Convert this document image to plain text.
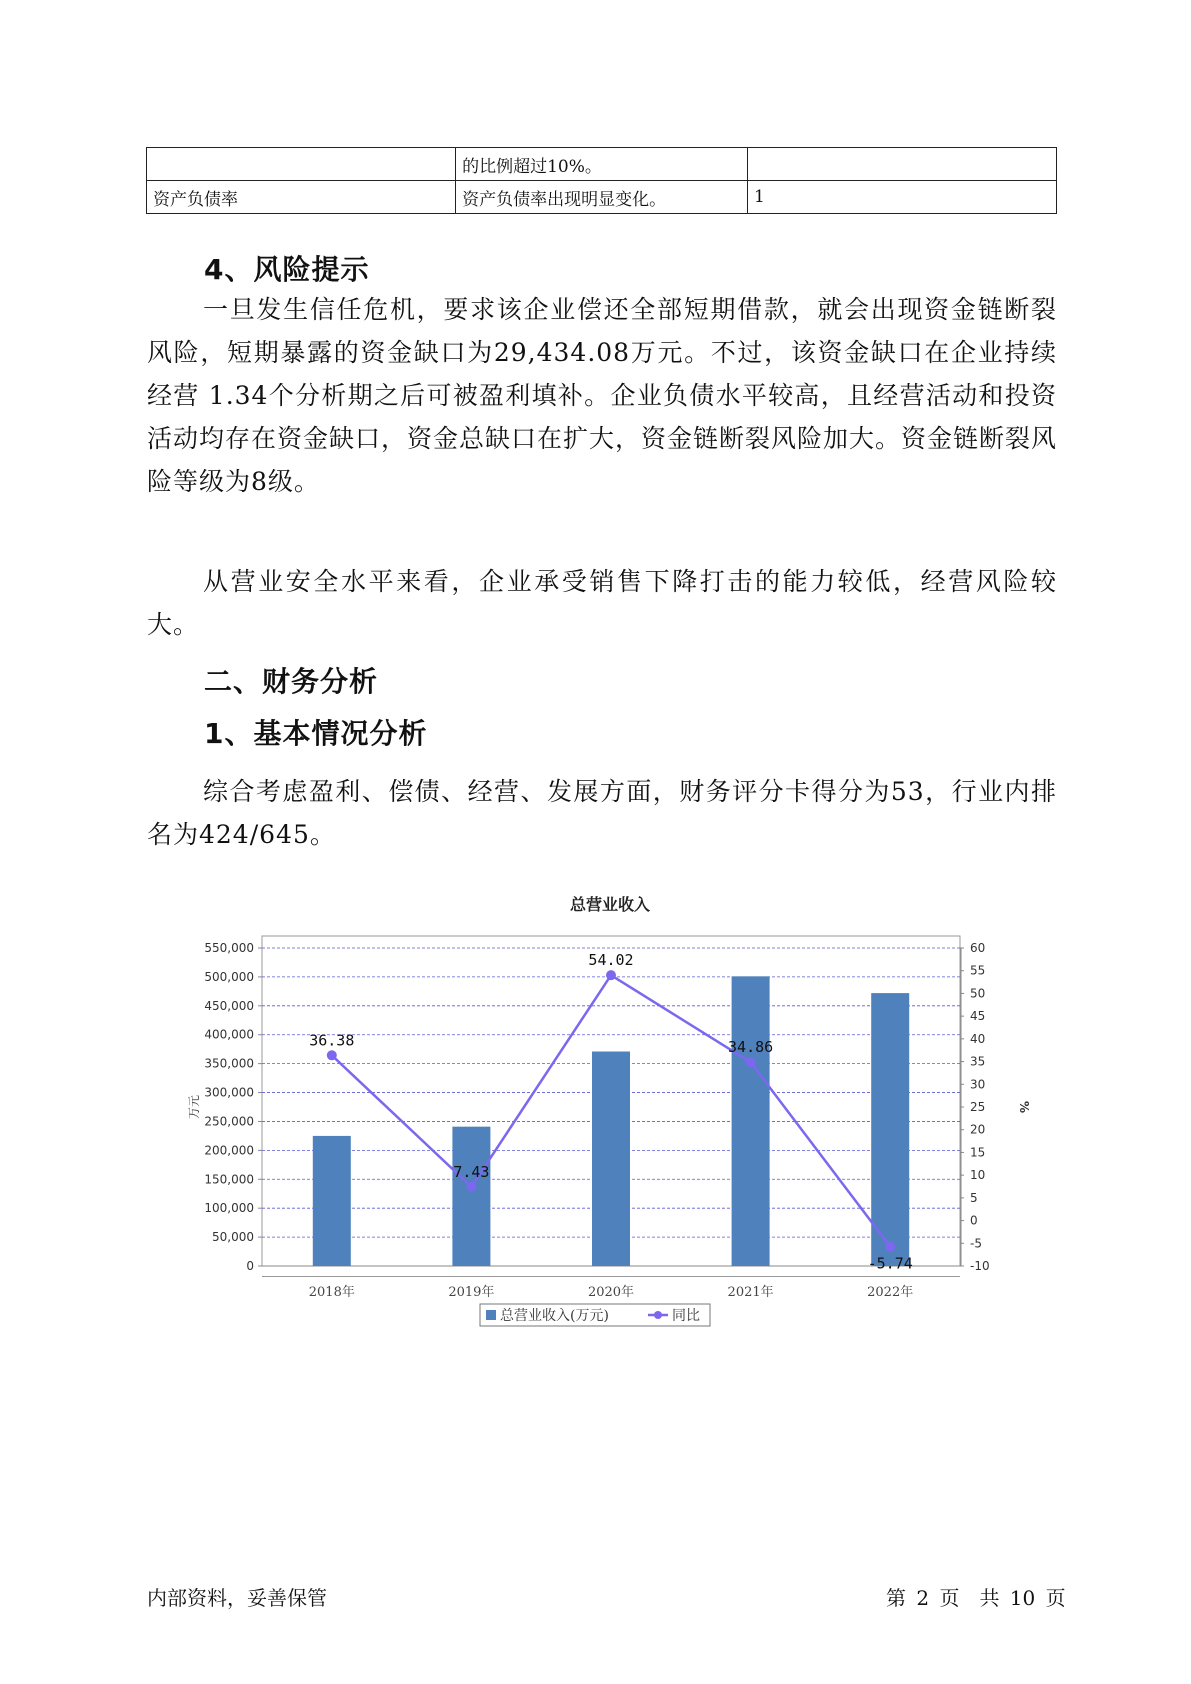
	的比例超过10%。	
资产负债率	资产负债率出现明显变化。	1
4、风险提示

一旦发生信任危机，要求该企业偿还全部短期借款，就会出现资金链断裂风险，短期暴露的资金缺口为29,434.08万元。不过，该资金缺口在企业持续经营 1.34个分析期之后可被盈利填补。企业负债水平较高，且经营活动和投资活动均存在资金缺口，资金总缺口在扩大，资金链断裂风险加大。资金链断裂风险等级为8级。

从营业安全水平来看，企业承受销售下降打击的能力较低，经营风险较大。

二、财务分析
1、基本情况分析

综合考虑盈利、偿债、经营、发展方面，财务评分卡得分为53，行业内排名为424/645。

总营业收入
0
50,000
100,000
150,000
200,000
250,000
300,000
350,000
400,000
450,000
500,000
550,000
-10
-5
0
5
10
15
20
25
30
35
40
45
50
55
60
万元	%
2018年	2019年	2020年	2021年	2022年
36.38
7.43
54.02
34.86
-5.74
总营业收入(万元)	同比
内部资料，妥善保管	第 2 页　共 10 页
